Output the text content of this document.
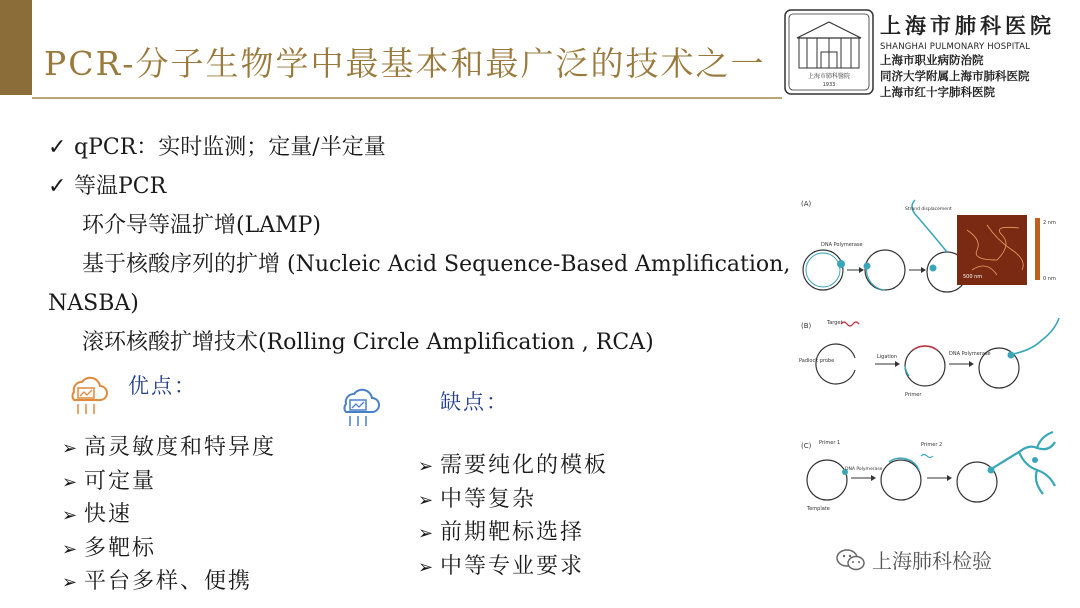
PCR-分子生物学中最基本和最广泛的技术之一	上海市肺科醫院
1933
上海市肺科医院
SHANGHAI PULMONARY HOSPITAL
上海市职业病防治院
同济大学附属上海市肺科医院
上海市红十字肺科医院
✓ qPCR：实时监测；定量/半定量
✓ 等温PCR
环介导等温扩增(LAMP)
基于核酸序列的扩增 (Nucleic Acid Sequence-Based Amplification,
NASBA)
滚环核酸扩增技术(Rolling Circle Amplification , RCA)
优点：
缺点：
➢ 高灵敏度和特异度
➢ 可定量
➢ 快速
➢ 多靶标
➢ 平台多样、便携
➢ 需要纯化的模板
➢ 中等复杂
➢ 前期靶标选择
➢ 中等专业要求
(A)
DNA Polymerase
Strand displacement
500 nm
2 nm
0 nm
(B)	Target
Padlock probe
Ligation
Primer
DNA Polymerase
(C) Primer 1
Template
DNA Polymerase
Primer 2
上海肺科检验
